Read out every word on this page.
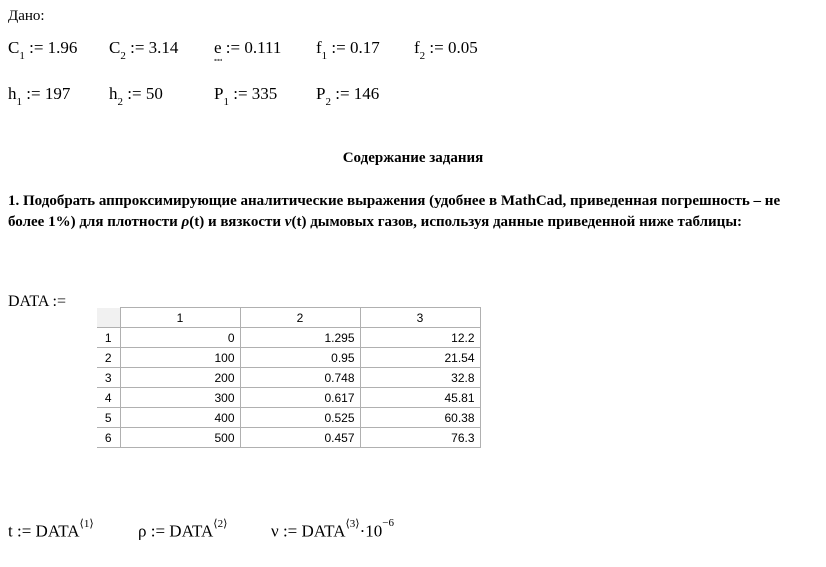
Дано:
$C_1$ := 1.96	$C_2$ := 3.14	e := 0.111	$f_1$ := 0.17	$f_2$ := 0.05
$h_1$ := 197	$h_2$ := 50	$P_1$ := 335	$P_2$ := 146
Содержание задания
1. Подобрать аппроксимирующие аналитические выражения (удобнее в MathCad, приведенная погрешность – не более 1%) для плотности ρ(t) и вязкости ν(t) дымовых газов, используя данные приведенной ниже таблицы:
DATA :=
	1	2	3
1	0	1.295	12.2
2	100	0.95	21.54
3	200	0.748	32.8
4	300	0.617	45.81
5	400	0.525	60.38
6	500	0.457	76.3
t := $DATA^{⟨1⟩}$	ρ := $DATA^{⟨2⟩}$	ν := $DATA^{⟨3⟩}\cdot 10^{-6}$
